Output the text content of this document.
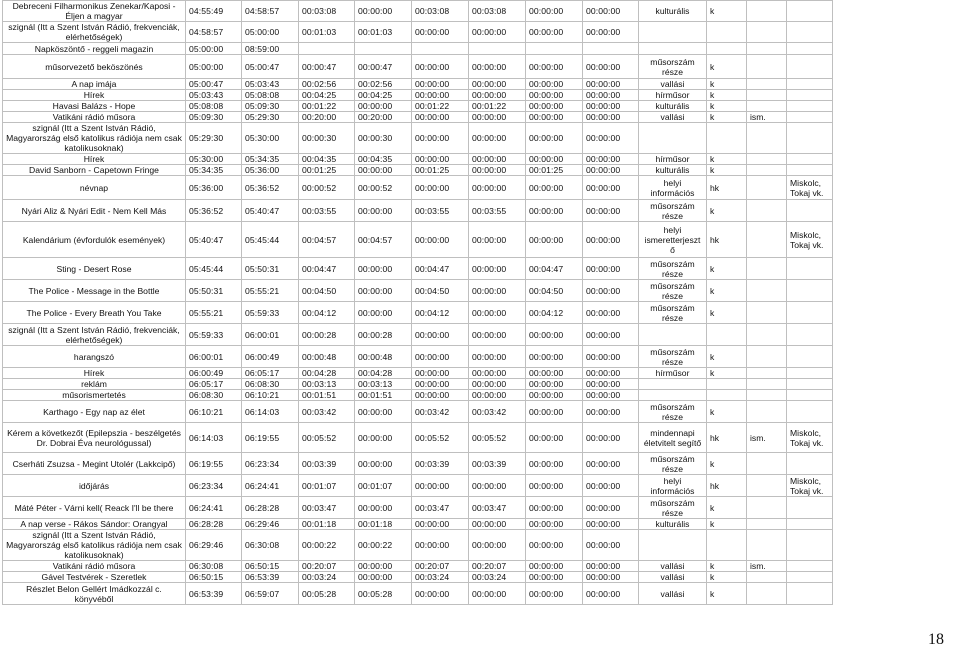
Debreceni Filharmonikus Zenekar/Kaposi - Éljen a magyar	04:55:49	04:58:57	00:03:08	00:00:00	00:03:08	00:03:08	00:00:00	00:00:00	kulturális	k		
szignál (Itt a Szent István Rádió, frekvenciák, elérhetőségek)	04:58:57	05:00:00	00:01:03	00:01:03	00:00:00	00:00:00	00:00:00	00:00:00				
Napköszöntő - reggeli magazin	05:00:00	08:59:00										
műsorvezető beköszönés	05:00:00	05:00:47	00:00:47	00:00:47	00:00:00	00:00:00	00:00:00	00:00:00	műsorszám része	k		
A nap imája	05:00:47	05:03:43	00:02:56	00:02:56	00:00:00	00:00:00	00:00:00	00:00:00	vallási	k		
Hírek	05:03:43	05:08:08	00:04:25	00:04:25	00:00:00	00:00:00	00:00:00	00:00:00	hírműsor	k		
Havasi Balázs - Hope	05:08:08	05:09:30	00:01:22	00:00:00	00:01:22	00:01:22	00:00:00	00:00:00	kulturális	k		
Vatikáni rádió műsora	05:09:30	05:29:30	00:20:00	00:20:00	00:00:00	00:00:00	00:00:00	00:00:00	vallási	k	ism.	
szignál (Itt a Szent István Rádió, Magyarország első katolikus rádiója nem csak katolikusoknak)	05:29:30	05:30:00	00:00:30	00:00:30	00:00:00	00:00:00	00:00:00	00:00:00				
Hírek	05:30:00	05:34:35	00:04:35	00:04:35	00:00:00	00:00:00	00:00:00	00:00:00	hírműsor	k		
David Sanborn - Capetown Fringe	05:34:35	05:36:00	00:01:25	00:00:00	00:01:25	00:00:00	00:01:25	00:00:00	kulturális	k		
névnap	05:36:00	05:36:52	00:00:52	00:00:52	00:00:00	00:00:00	00:00:00	00:00:00	helyi információs	hk		Miskolc, Tokaj vk.
Nyári Aliz & Nyári Edit - Nem Kell Más	05:36:52	05:40:47	00:03:55	00:00:00	00:03:55	00:03:55	00:00:00	00:00:00	műsorszám része	k		
Kalendárium (évfordulók események)	05:40:47	05:45:44	00:04:57	00:04:57	00:00:00	00:00:00	00:00:00	00:00:00	helyi ismeretterjeszt ő	hk		Miskolc, Tokaj vk.
Sting - Desert Rose	05:45:44	05:50:31	00:04:47	00:00:00	00:04:47	00:00:00	00:04:47	00:00:00	műsorszám része	k		
The Police - Message in the Bottle	05:50:31	05:55:21	00:04:50	00:00:00	00:04:50	00:00:00	00:04:50	00:00:00	műsorszám része	k		
The Police - Every Breath You Take	05:55:21	05:59:33	00:04:12	00:00:00	00:04:12	00:00:00	00:04:12	00:00:00	műsorszám része	k		
szignál (Itt a Szent István Rádió, frekvenciák, elérhetőségek)	05:59:33	06:00:01	00:00:28	00:00:28	00:00:00	00:00:00	00:00:00	00:00:00				
harangszó	06:00:01	06:00:49	00:00:48	00:00:48	00:00:00	00:00:00	00:00:00	00:00:00	műsorszám része	k		
Hírek	06:00:49	06:05:17	00:04:28	00:04:28	00:00:00	00:00:00	00:00:00	00:00:00	hírműsor	k		
reklám	06:05:17	06:08:30	00:03:13	00:03:13	00:00:00	00:00:00	00:00:00	00:00:00				
műsorismertetés	06:08:30	06:10:21	00:01:51	00:01:51	00:00:00	00:00:00	00:00:00	00:00:00				
Karthago - Egy nap az élet	06:10:21	06:14:03	00:03:42	00:00:00	00:03:42	00:03:42	00:00:00	00:00:00	műsorszám része	k		
Kérem a következőt (Epilepszia - beszélgetés Dr. Dobrai Éva neurológussal)	06:14:03	06:19:55	00:05:52	00:00:00	00:05:52	00:05:52	00:00:00	00:00:00	mindennapi életvitelt segítő	hk	ism.	Miskolc, Tokaj vk.
Cserháti Zsuzsa - Megint Utolér (Lakkcipő)	06:19:55	06:23:34	00:03:39	00:00:00	00:03:39	00:03:39	00:00:00	00:00:00	műsorszám része	k		
időjárás	06:23:34	06:24:41	00:01:07	00:01:07	00:00:00	00:00:00	00:00:00	00:00:00	helyi információs	hk		Miskolc, Tokaj vk.
Máté Péter - Várni kell( Reack I'll be there	06:24:41	06:28:28	00:03:47	00:00:00	00:03:47	00:03:47	00:00:00	00:00:00	műsorszám része	k		
A nap verse - Rákos Sándor: Orangyal	06:28:28	06:29:46	00:01:18	00:01:18	00:00:00	00:00:00	00:00:00	00:00:00	kulturális	k		
szignál (Itt a Szent István Rádió, Magyarország első katolikus rádiója nem csak katolikusoknak)	06:29:46	06:30:08	00:00:22	00:00:22	00:00:00	00:00:00	00:00:00	00:00:00				
Vatikáni rádió műsora	06:30:08	06:50:15	00:20:07	00:00:00	00:20:07	00:20:07	00:00:00	00:00:00	vallási	k	ism.	
Gável Testvérek - Szeretlek	06:50:15	06:53:39	00:03:24	00:00:00	00:03:24	00:03:24	00:00:00	00:00:00	vallási	k		
Részlet Belon Gellért Imádkozzál c. könyvéből	06:53:39	06:59:07	00:05:28	00:05:28	00:00:00	00:00:00	00:00:00	00:00:00	vallási	k		
18
